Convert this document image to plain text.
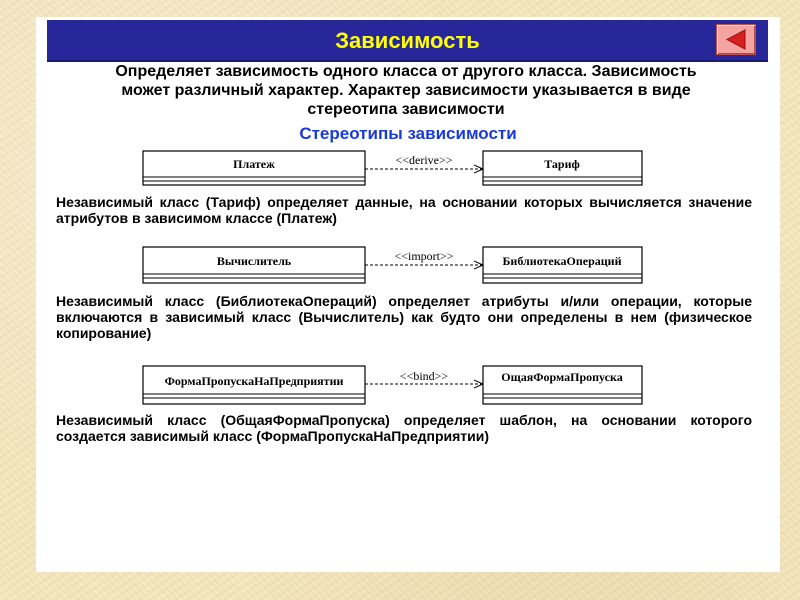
Зависимость
Определяет зависимость одного класса от другого класса. Зависимость
может различный характер. Характер зависимости указывается в виде
стереотипа зависимости
Стереотипы зависимости
Платеж	<<derive>>	Тариф
Вычислитель	<<import>>	БиблиотекаОпераций
ФормаПропускаНаПредприятии	<<bind>>	ОщаяФормаПропуска
Независимый класс (Тариф) определяет данные, на основании которых вычисляется значение атрибутов в зависимом классе (Платеж)
Независимый класс (БиблиотекаОпераций) определяет атрибуты и/или операции, которые включаются в зависимый класс (Вычислитель) как будто они определены в нем (физическое копирование)
Независимый класс (ОбщаяФормаПропуска) определяет шаблон, на основании которого создается зависимый класс (ФормаПропускаНаПредприятии)
